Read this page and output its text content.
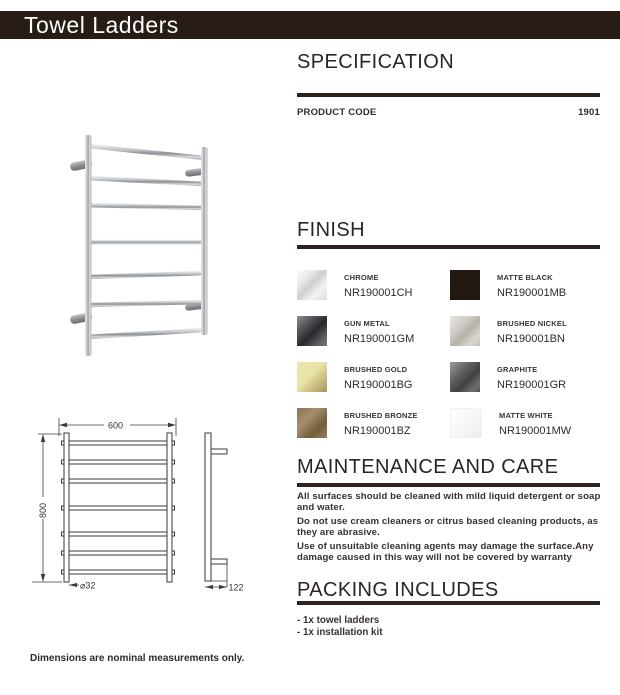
Towel Ladders
SPECIFICATION
PRODUCT CODE	1901
FINISH
CHROME
NR190001CH
MATTE BLACK
NR190001MB
GUN METAL
NR190001GM
BRUSHED NICKEL
NR190001BN
BRUSHED GOLD
NR190001BG
GRAPHITE
NR190001GR
BRUSHED BRONZE
NR190001BZ
MATTE WHITE
NR190001MW
MAINTENANCE AND CARE

All surfaces should be cleaned with mild liquid detergent or soap and water.

Do not use cream cleaners or citrus based cleaning products, as they are abrasive.

Use of unsuitable cleaning agents may damage the surface.Any damage caused in this way will not be covered by warranty

PACKING INCLUDES
- 1x towel ladders
- 1x installation kit
600
800
⌀32	122
Dimensions are nominal measurements only.
